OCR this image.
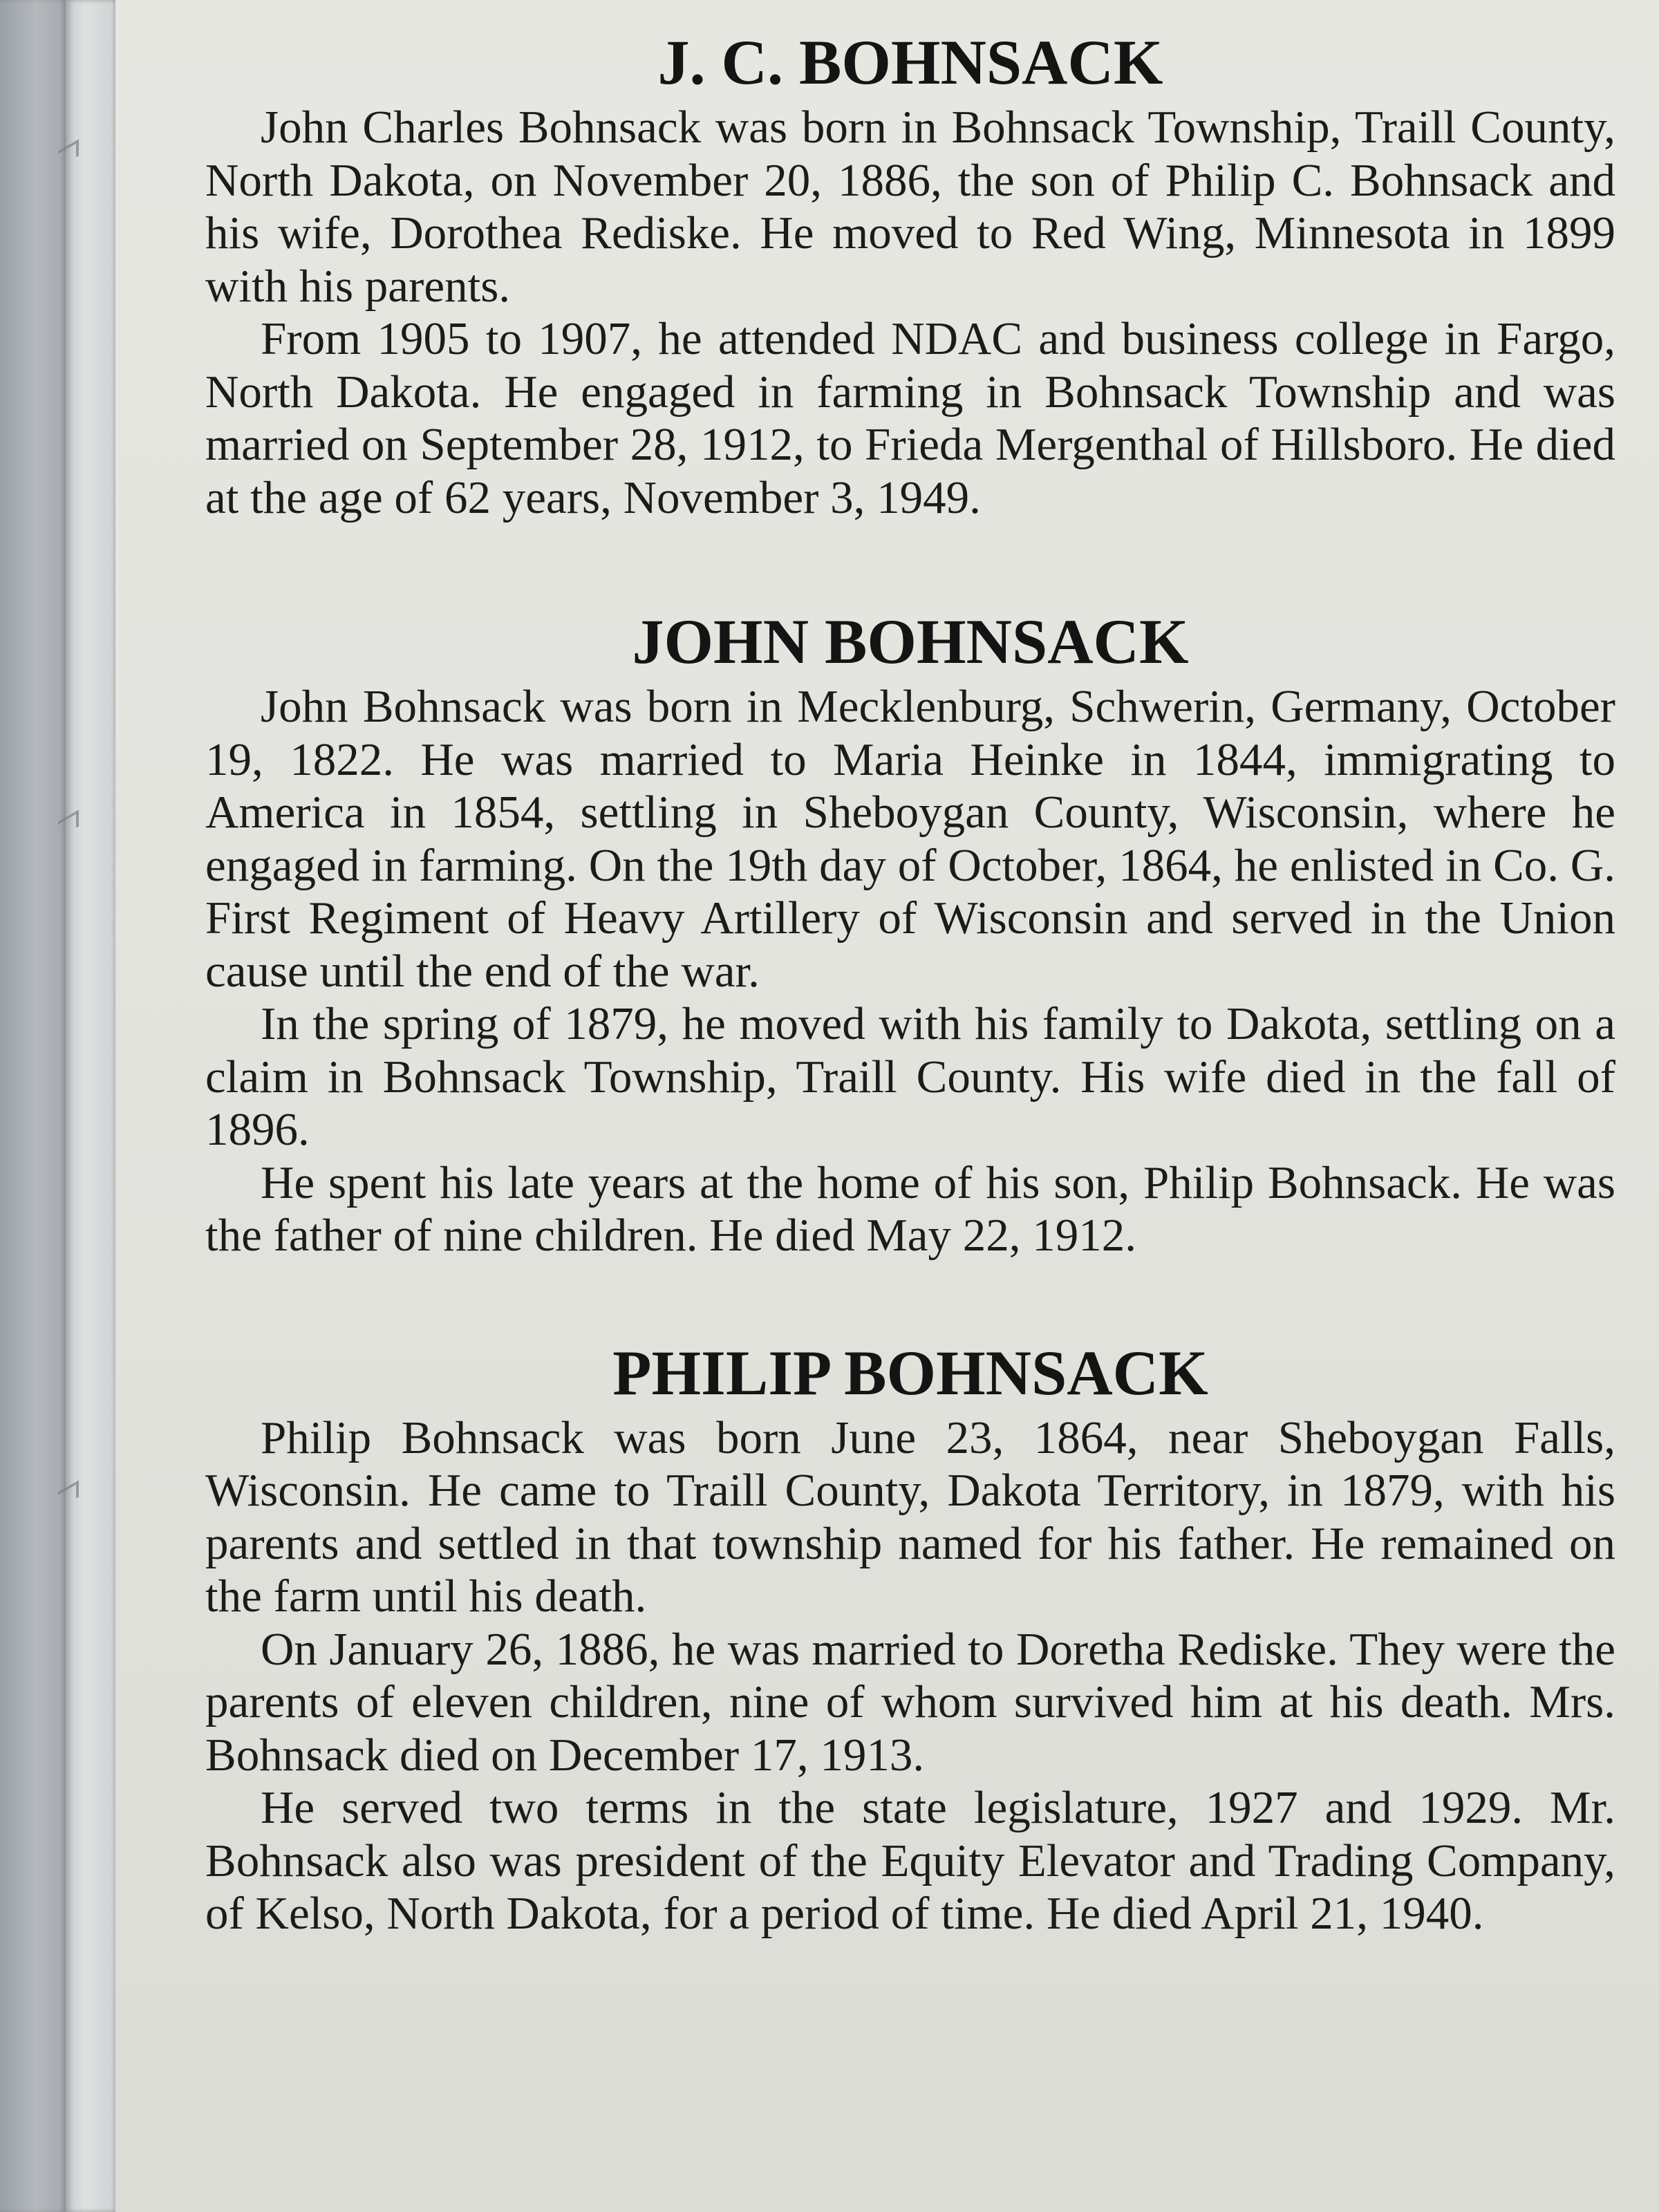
J. C. BOHNSACK

John Charles Bohnsack was born in Bohnsack Township, Traill County, North Dakota, on November 20, 1886, the son of Philip C. Bohnsack and his wife, Dorothea Rediske. He moved to Red Wing, Minnesota in 1899 with his parents.

From 1905 to 1907, he attended NDAC and business college in Fargo, North Dakota. He engaged in farming in Bohnsack Township and was married on September 28, 1912, to Frieda Mergenthal of Hillsboro. He died at the age of 62 years, November 3, 1949.

JOHN BOHNSACK

John Bohnsack was born in Mecklenburg, Schwerin, Germany, October 19, 1822. He was married to Maria Heinke in 1844, immigrating to America in 1854, settling in Sheboygan County, Wisconsin, where he engaged in farming. On the 19th day of October, 1864, he enlisted in Co. G. First Regiment of Heavy Artillery of Wisconsin and served in the Union cause until the end of the war.

In the spring of 1879, he moved with his family to Dakota, settling on a claim in Bohnsack Township, Traill County. His wife died in the fall of 1896.

He spent his late years at the home of his son, Philip Bohnsack. He was the father of nine children. He died May 22, 1912.

PHILIP BOHNSACK

Philip Bohnsack was born June 23, 1864, near Sheboygan Falls, Wisconsin. He came to Traill County, Dakota Territory, in 1879, with his parents and settled in that township named for his father. He remained on the farm until his death.

On January 26, 1886, he was married to Doretha Rediske. They were the parents of eleven children, nine of whom survived him at his death. Mrs. Bohnsack died on December 17, 1913.

He served two terms in the state legislature, 1927 and 1929. Mr. Bohnsack also was president of the Equity Elevator and Trading Company, of Kelso, North Dakota, for a period of time. He died April 21, 1940.
